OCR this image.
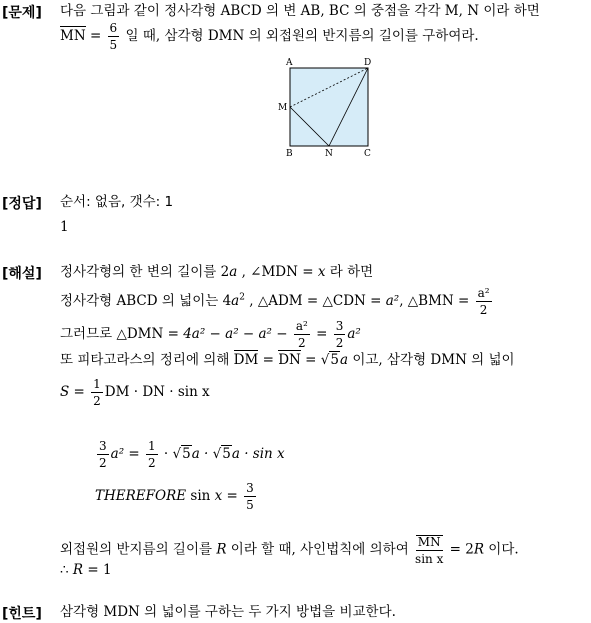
[문제] 다음 그림과 같이 정사각형 ABCD 의 변 AB, BC 의 중점을 각각 M, N 이라 하면
MN = $\frac{6}{5}$ 일 때, 삼각형 DMN 의 외접원의 반지름의 길이를 구하여라.
A	D
M
B	N	C
[정답] 순서: 없음, 갯수: 1
1
[해설] 정사각형의 한 변의 길이를 2a , ∠MDN = x 라 하면
정사각형 ABCD 의 넓이는 $4a^2$ , △ADM = △CDN = a², △BMN = $\frac{\text{a²}}{2}$
그러므로 △DMN = $4a^2 - a^2 - a^2 - \frac{\text{a²}}{2} = \frac{3}{2} a^2$
또 피타고라스의 정리에 의해 DM = DN = √5a 이고, 삼각형 DMN 의 넓이
$S = \frac{1}{2}$ DM · DN · sin x
$\frac{3}{2} a^2 = \frac{1}{2} \cdot √5a \cdot √5a \cdot \sin x$
THEREFORE $\sin x = \frac{3}{5}$
외접원의 반지름의 길이를 R 이라 할 때, 사인법칙에 의하여 $\frac{MN}{\text{sin x}} = 2R$ 이다.
∴ R = 1
[힌트] 삼각형 MDN 의 넓이를 구하는 두 가지 방법을 비교한다.
